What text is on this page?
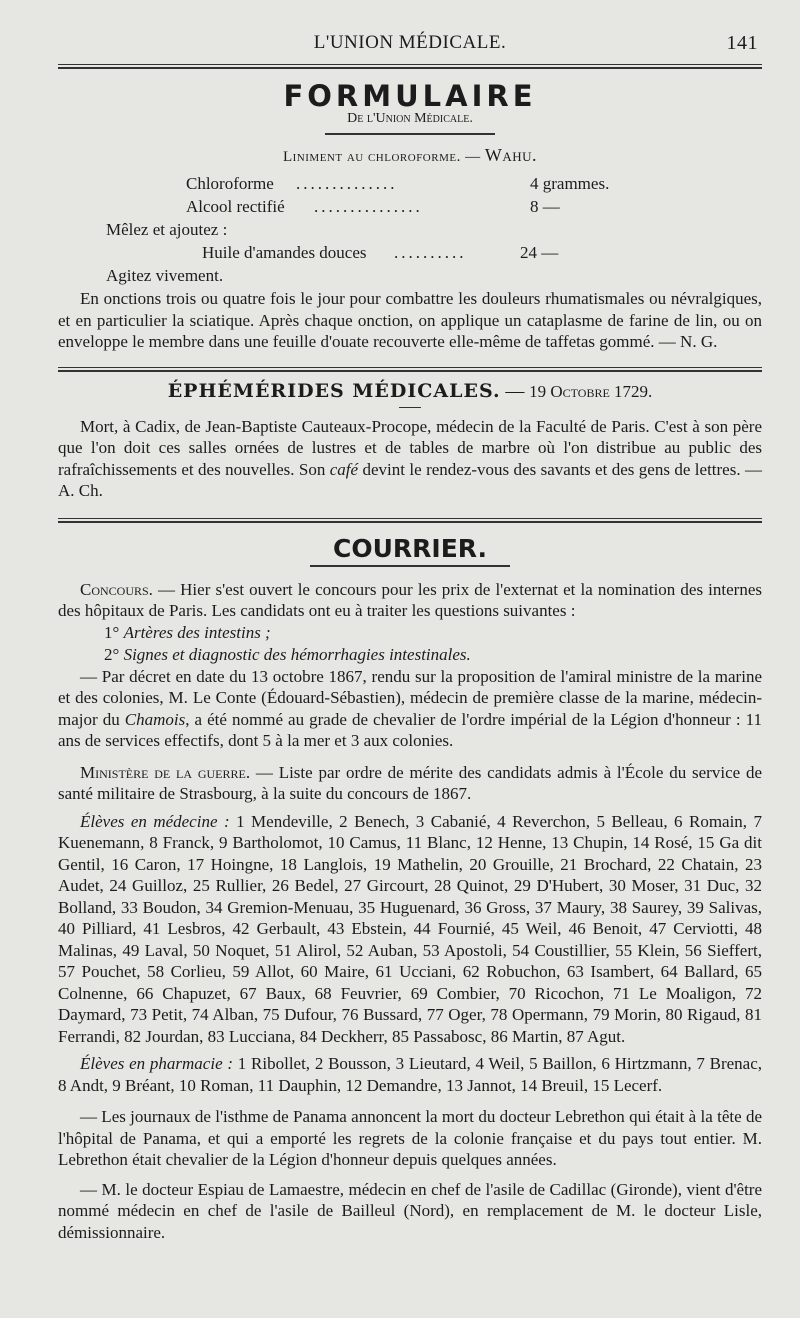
L'UNION MÉDICALE.	141
FORMULAIRE
De l'Union Médicale.
Liniment au chloroforme. — Wahu.
Chloroforme ..............	4 grammes.
Alcool rectifié ...............	8 —
Mêlez et ajoutez :
Huile d'amandes douces ..........	24 —
Agitez vivement.

En onctions trois ou quatre fois le jour pour combattre les douleurs rhumatismales ou névralgiques, et en particulier la sciatique. Après chaque onction, on applique un cataplasme de farine de lin, ou on enveloppe le membre dans une feuille d'ouate recouverte elle-même de taffetas gommé. — N. G.

ÉPHÉMÉRIDES MÉDICALES. — 19 Octobre 1729.

Mort, à Cadix, de Jean-Baptiste Cauteaux-Procope, médecin de la Faculté de Paris. C'est à son père que l'on doit ces salles ornées de lustres et de tables de marbre où l'on distribue au public des rafraîchissements et des nouvelles. Son café devint le rendez-vous des savants et des gens de lettres. — A. Ch.

COURRIER.

Concours. — Hier s'est ouvert le concours pour les prix de l'externat et la nomination des internes des hôpitaux de Paris. Les candidats ont eu à traiter les questions suivantes :

1° Artères des intestins ;
2° Signes et diagnostic des hémorrhagies intestinales.

— Par décret en date du 13 octobre 1867, rendu sur la proposition de l'amiral ministre de la marine et des colonies, M. Le Conte (Édouard-Sébastien), médecin de première classe de la marine, médecin-major du Chamois, a été nommé au grade de chevalier de l'ordre impérial de la Légion d'honneur : 11 ans de services effectifs, dont 5 à la mer et 3 aux colonies.

Ministère de la guerre. — Liste par ordre de mérite des candidats admis à l'École du service de santé militaire de Strasbourg, à la suite du concours de 1867.

Élèves en médecine : 1 Mendeville, 2 Benech, 3 Cabanié, 4 Reverchon, 5 Belleau, 6 Romain, 7 Kuenemann, 8 Franck, 9 Bartholomot, 10 Camus, 11 Blanc, 12 Henne, 13 Chupin, 14 Rosé, 15 Ga dit Gentil, 16 Caron, 17 Hoingne, 18 Langlois, 19 Mathelin, 20 Grouille, 21 Brochard, 22 Chatain, 23 Audet, 24 Guilloz, 25 Rullier, 26 Bedel, 27 Gircourt, 28 Quinot, 29 D'Hubert, 30 Moser, 31 Duc, 32 Bolland, 33 Boudon, 34 Gremion-Menuau, 35 Huguenard, 36 Gross, 37 Maury, 38 Saurey, 39 Salivas, 40 Pilliard, 41 Lesbros, 42 Gerbault, 43 Ebstein, 44 Fournié, 45 Weil, 46 Benoit, 47 Cerviotti, 48 Malinas, 49 Laval, 50 Noquet, 51 Alirol, 52 Auban, 53 Apostoli, 54 Coustillier, 55 Klein, 56 Sieffert, 57 Pouchet, 58 Corlieu, 59 Allot, 60 Maire, 61 Ucciani, 62 Robuchon, 63 Isambert, 64 Ballard, 65 Colnenne, 66 Chapuzet, 67 Baux, 68 Feuvrier, 69 Combier, 70 Ricochon, 71 Le Moaligon, 72 Daymard, 73 Petit, 74 Alban, 75 Dufour, 76 Bussard, 77 Oger, 78 Opermann, 79 Morin, 80 Rigaud, 81 Ferrandi, 82 Jourdan, 83 Lucciana, 84 Deckherr, 85 Passabosc, 86 Martin, 87 Agut.

Élèves en pharmacie : 1 Ribollet, 2 Bousson, 3 Lieutard, 4 Weil, 5 Baillon, 6 Hirtzmann, 7 Brenac, 8 Andt, 9 Bréant, 10 Roman, 11 Dauphin, 12 Demandre, 13 Jannot, 14 Breuil, 15 Lecerf.

— Les journaux de l'isthme de Panama annoncent la mort du docteur Lebrethon qui était à la tête de l'hôpital de Panama, et qui a emporté les regrets de la colonie française et du pays tout entier. M. Lebrethon était chevalier de la Légion d'honneur depuis quelques années.

— M. le docteur Espiau de Lamaestre, médecin en chef de l'asile de Cadillac (Gironde), vient d'être nommé médecin en chef de l'asile de Bailleul (Nord), en remplacement de M. le docteur Lisle, démissionnaire.
